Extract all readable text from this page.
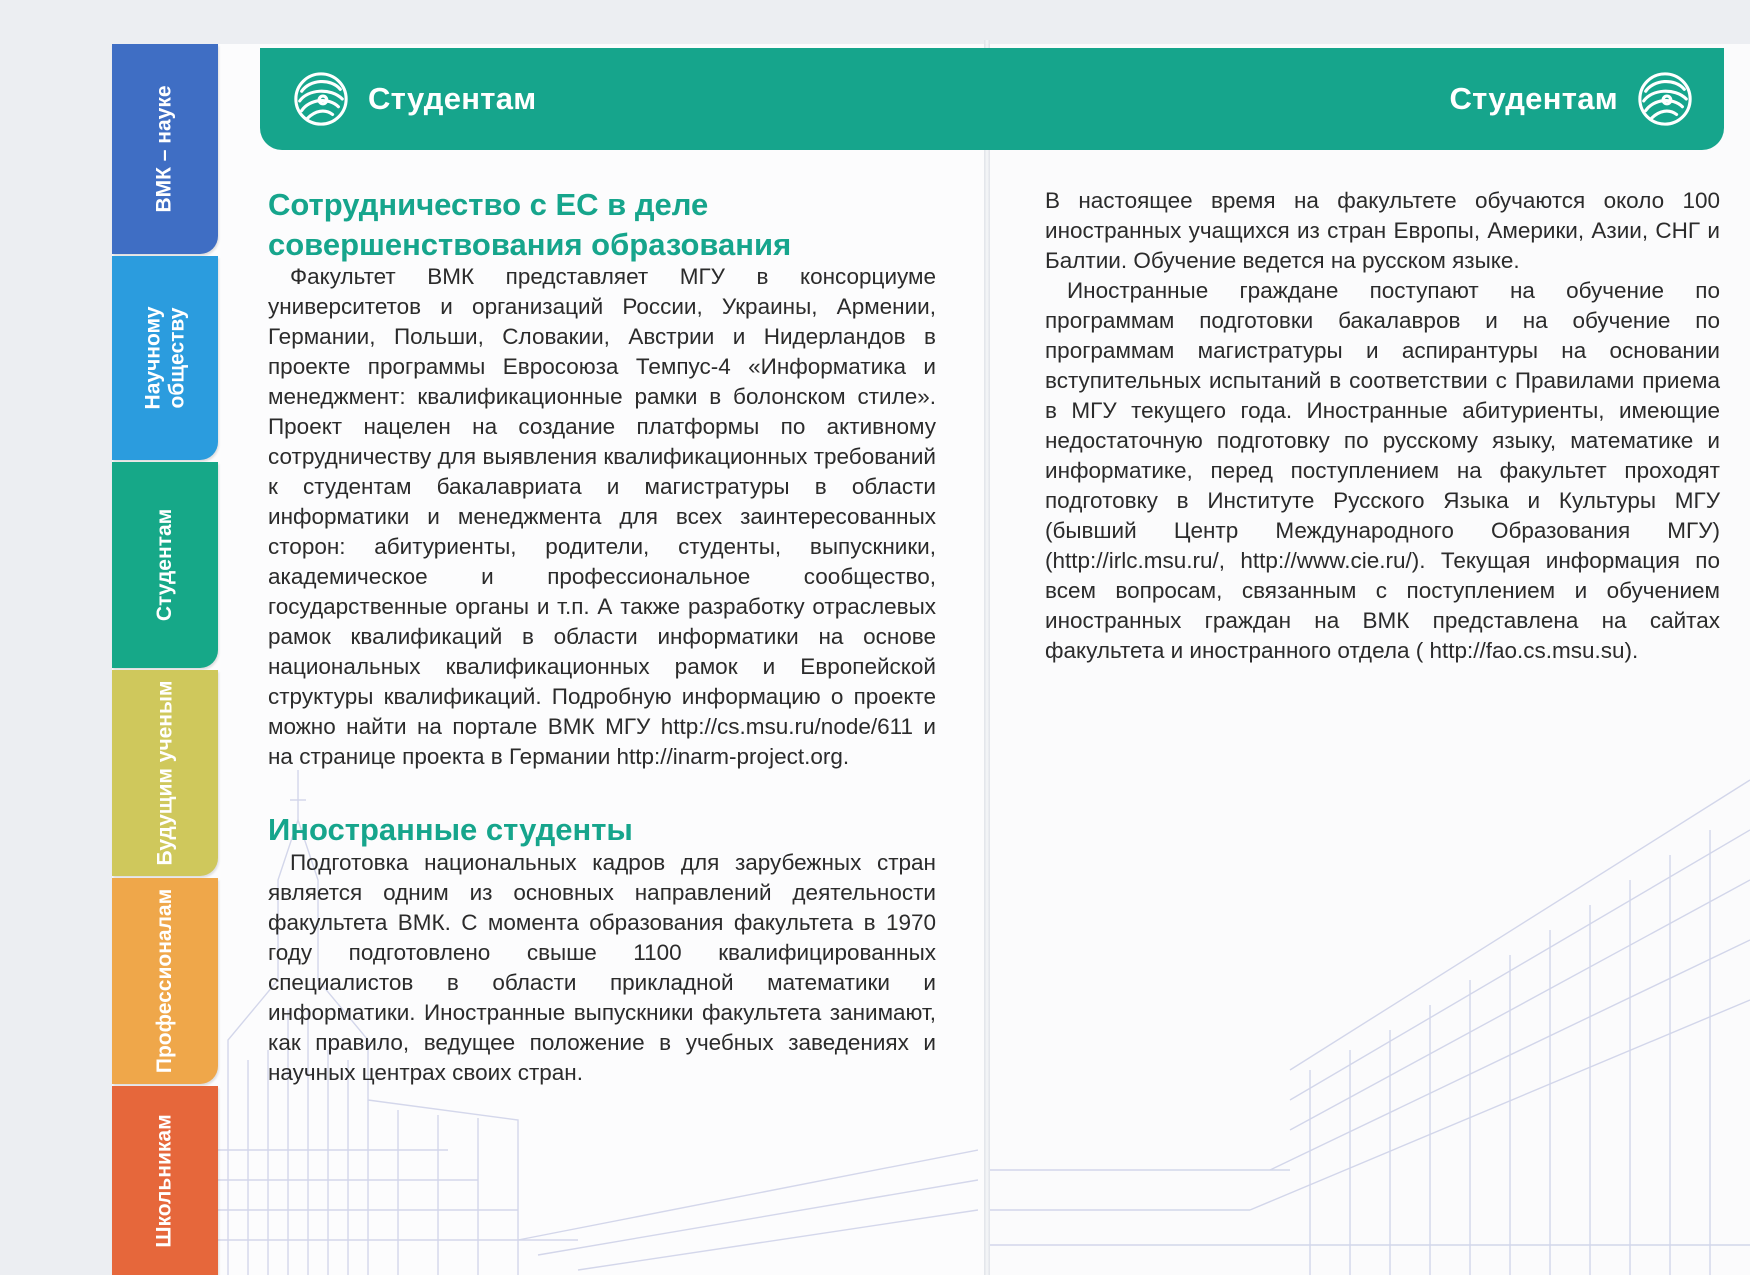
ВМК – науке
Научному
обществу
Студентам
Будущим ученым
Профессионалам
Школьникам
Студентам	Студентам
Сотрудничество с ЕС в деле совершенствования образования

Факультет ВМК представляет МГУ в консорциуме университетов и организаций России, Украины, Армении, Германии, Польши, Словакии, Австрии и Нидерландов в проекте программы Евросоюза Темпус-4 «Информатика и менеджмент: квалификационные рамки в болонском стиле». Проект нацелен на создание платформы по активному сотрудничеству для выявления квалификационных требований к студентам бакалавриата и магистратуры в области информатики и менеджмента для всех заинтересованных сторон: абитуриенты, родители, студенты, выпускники, академическое и профессиональное сообщество, государственные органы и т.п. А также разработку отраслевых рамок квалификаций в области информатики на основе национальных квалификационных рамок и Европейской структуры квалификаций. Подробную информацию о проекте можно найти на портале ВМК МГУ http://cs.msu.ru/node/611 и на странице проекта в Германии http://inarm-project.org.

Иностранные студенты

Подготовка национальных кадров для зарубежных стран является одним из основных направлений деятельности факультета ВМК. С момента образования факультета в 1970 году подготовлено свыше 1100 квалифицированных специалистов в области прикладной математики и информатики. Иностранные выпускники факультета занимают, как правило, ведущее положение в учебных заведениях и научных центрах своих стран.

В настоящее время на факультете обучаются около 100 иностранных учащихся из стран Европы, Америки, Азии, СНГ и Балтии. Обучение ведется на русском языке.

Иностранные граждане поступают на обучение по программам подготовки бакалавров и на обучение по программам магистратуры и аспирантуры на основании вступительных испытаний в соответствии с Правилами приема в МГУ текущего года. Иностранные абитуриенты, имеющие недостаточную подготовку по русскому языку, математике и информатике, перед поступлением на факультет проходят подготовку в Институте Русского Языка и Культуры МГУ (бывший Центр Международного Образования МГУ) (http://irlc.msu.ru/, http://www.cie.ru/). Текущая информация по всем вопросам, связанным с поступлением и обучением иностранных граждан на ВМК представлена на сайтах факультета и иностранного отдела ( http://fao.cs.msu.su).
